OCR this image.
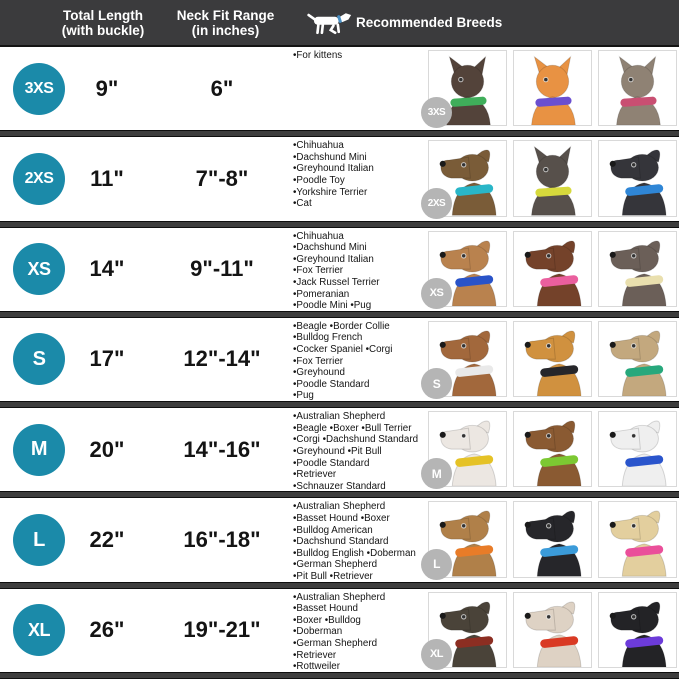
Total Length
(with buckle)
Neck Fit Range
(in inches)	Recommended Breeds
3XS	9"	6"
•For kittens
3XS
2XS	11"	7"-8"
•Chihuahua
•Dachshund Mini
•Greyhound Italian
•Poodle Toy
•Yorkshire Terrier
•Cat	2XS
XS	14"	9"-11"
•Chihuahua
•Dachshund Mini
•Greyhound Italian
•Fox Terrier
•Jack Russel Terrier
•Pomeranian
•Poodle Mini •Pug
XS
S	17"	12"-14"
•Beagle •Border Collie
•Bulldog French
•Cocker Spaniel •Corgi
•Fox Terrier
•Greyhound
•Poodle Standard
•Pug
S
M	20"	14"-16"
•Australian Shepherd
•Beagle •Boxer •Bull Terrier
•Corgi •Dachshund Standard
•Greyhound •Pit Bull
•Poodle Standard
•Retriever
•Schnauzer Standard
M
L	22"	16"-18"
•Australian Shepherd
•Basset Hound •Boxer
•Bulldog American
•Dachshund Standard
•Bulldog English •Doberman
•German Shepherd
•Pit Bull •Retriever
L
XL	26"	19"-21"
•Australian Shepherd
•Basset Hound
•Boxer •Bulldog
•Doberman
•German Shepherd
•Retriever
•Rottweiler
XL
